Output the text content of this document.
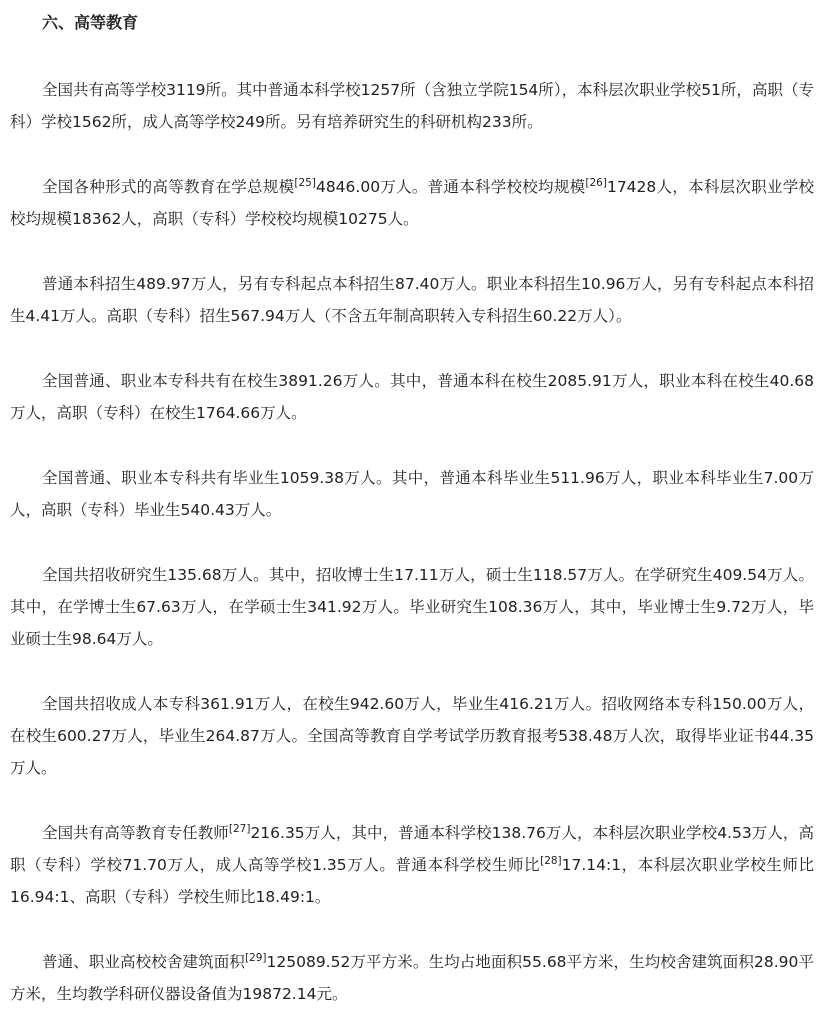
六、高等教育

全国共有高等学校3119所。其中普通本科学校1257所（含独立学院154所），本科层次职业学校51所，高职（专科）学校1562所，成人高等学校249所。另有培养研究生的科研机构233所。

全国各种形式的高等教育在学总规模[25]4846.00万人。普通本科学校校均规模[26]17428人，本科层次职业学校校均规模18362人，高职（专科）学校校均规模10275人。

普通本科招生489.97万人，另有专科起点本科招生87.40万人。职业本科招生10.96万人，另有专科起点本科招生4.41万人。高职（专科）招生567.94万人（不含五年制高职转入专科招生60.22万人）。

全国普通、职业本专科共有在校生3891.26万人。其中，普通本科在校生2085.91万人，职业本科在校生40.68万人，高职（专科）在校生1764.66万人。

全国普通、职业本专科共有毕业生1059.38万人。其中，普通本科毕业生511.96万人，职业本科毕业生7.00万人，高职（专科）毕业生540.43万人。

全国共招收研究生135.68万人。其中，招收博士生17.11万人，硕士生118.57万人。在学研究生409.54万人。其中，在学博士生67.63万人，在学硕士生341.92万人。毕业研究生108.36万人，其中，毕业博士生9.72万人，毕业硕士生98.64万人。

全国共招收成人本专科361.91万人，在校生942.60万人，毕业生416.21万人。招收网络本专科150.00万人，在校生600.27万人，毕业生264.87万人。全国高等教育自学考试学历教育报考538.48万人次，取得毕业证书44.35万人。

全国共有高等教育专任教师[27]216.35万人，其中，普通本科学校138.76万人，本科层次职业学校4.53万人，高职（专科）学校71.70万人，成人高等学校1.35万人。普通本科学校生师比[28]17.14:1，本科层次职业学校生师比16.94:1、高职（专科）学校生师比18.49:1。

普通、职业高校校舍建筑面积[29]125089.52万平方米。生均占地面积55.68平方米，生均校舍建筑面积28.90平方米，生均教学科研仪器设备值为19872.14元。
